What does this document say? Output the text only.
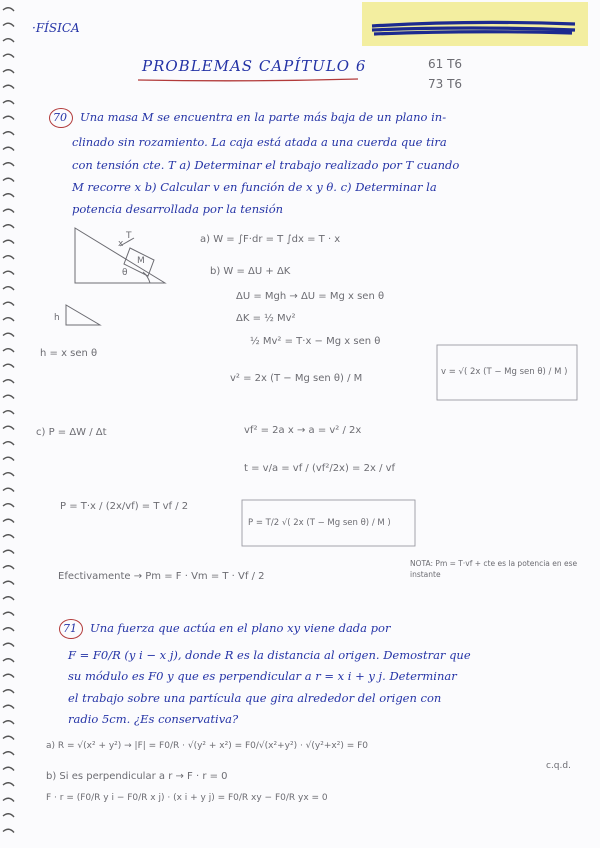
·FÍSICA
PROBLEMAS CAPÍTULO 6	61 T6
73 T6
70 Una masa M se encuentra en la parte más baja de un plano in-
clinado sin rozamiento. La caja está atada a una cuerda que tira
con tensión cte. T a) Determinar el trabajo realizado por T cuando
M recorre x b) Calcular v en función de x y θ. c) Determinar la
potencia desarrollada por la tensión
T
x
M
θ
h
a) W = ∫F·dr = T ∫dx = T · x
b) W = ΔU + ΔK
ΔU = Mgh → ΔU = Mg x sen θ
ΔK = ½ Mv²
h = x sen θ
½ Mv² = T·x − Mg x sen θ
v² = 2x (T − Mg sen θ) / M
v = √( 2x (T − Mg sen θ) / M )
c) P = ΔW / Δt	vf² = 2a x → a = v² / 2x
t = v/a = vf / (vf²/2x) = 2x / vf
P = T·x / (2x/vf) = T vf / 2
P = T/2 √( 2x (T − Mg sen θ) / M )
Efectivamente → Pm = F · Vm = T · Vf / 2
NOTA: Pm = T·vf + cte es la potencia en ese instante
71 Una fuerza que actúa en el plano xy viene dada por
F = F0/R (y i − x j), donde R es la distancia al origen. Demostrar que
su módulo es F0 y que es perpendicular a r = x i + y j. Determinar
el trabajo sobre una partícula que gira alrededor del origen con
radio 5cm. ¿Es conservativa?
a) R = √(x² + y²) → |F| = F0/R · √(y² + x²) = F0/√(x²+y²) · √(y²+x²) = F0
b) Si es perpendicular a r → F · r = 0
F · r = (F0/R y i − F0/R x j) · (x i + y j) = F0/R xy − F0/R yx = 0
c.q.d.
